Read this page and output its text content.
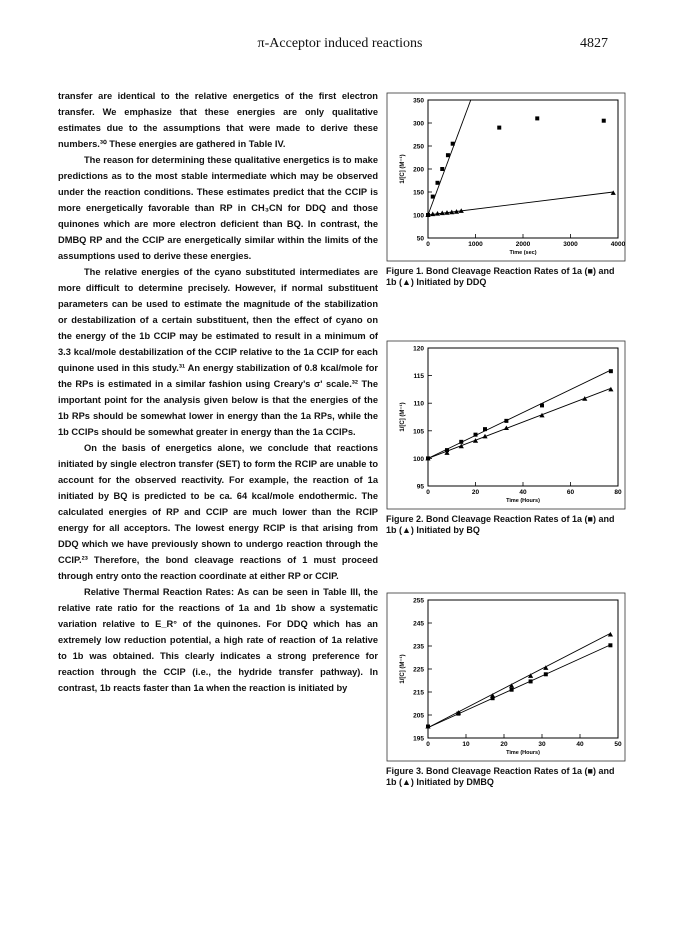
π-Acceptor induced reactions	4827

transfer are identical to the relative energetics of the first electron transfer. We emphasize that these energies are only qualitative estimates due to the assumptions that were made to derive these numbers.³⁰ These energies are gathered in Table IV.

The reason for determining these qualitative energetics is to make predictions as to the most stable intermediate which may be observed under the reaction conditions. These estimates predict that the CCIP is more energetically favorable than RP in CH₃CN for DDQ and those quinones which are more electron deficient than BQ. In contrast, the DMBQ RP and the CCIP are energetically similar within the limits of the assumptions used to derive these energies.

The relative energies of the cyano substituted intermediates are more difficult to determine precisely. However, if normal substituent parameters can be used to estimate the magnitude of the stabilization or destabilization of a certain substituent, then the effect of cyano on the energy of the 1b CCIP may be estimated to result in a minimum of 3.3 kcal/mole destabilization of the CCIP relative to the 1a CCIP for each quinone used in this study.³¹ An energy stabilization of 0.8 kcal/mole for the RPs is estimated in a similar fashion using Creary's σ' scale.³² The important point for the analysis given below is that the energies of the 1b RPs should be somewhat lower in energy than the 1a RPs, while the 1b CCIPs should be somewhat greater in energy than the 1a CCIPs.

On the basis of energetics alone, we conclude that reactions initiated by single electron transfer (SET) to form the RCIP are unable to account for the observed reactivity. For example, the reaction of 1a initiated by BQ is predicted to be ca. 64 kcal/mole endothermic. The calculated energies of RP and CCIP are much lower than the RCIP energy for all acceptors. The lowest energy RCIP is that arising from DDQ which we have previously shown to undergo reaction through the CCIP.²³ Therefore, the bond cleavage reactions of 1 must proceed through entry onto the reaction coordinate at either RP or CCIP.

Relative Thermal Reaction Rates: As can be seen in Table III, the relative rate ratio for the reactions of 1a and 1b show a systematic variation relative to E_R° of the quinones. For DDQ which has an extremely low reduction potential, a high rate of reaction of 1a relative to 1b was obtained. This clearly indicates a strong preference for reaction through the CCIP (i.e., the hydride transfer pathway). In contrast, 1b reacts faster than 1a when the reaction is initiated by

50
100
150
200
250
300
350
0	1000	2000	3000	4000
Time (sec)
1/[C] (M⁻¹)
Figure 1. Bond Cleavage Reaction Rates of 1a (■) and 1b (▲) Initiated by DDQ
95
100
105
110
115
120
0	20	40	60	80
Time (Hours)
1/[C] (M⁻¹)
Figure 2. Bond Cleavage Reaction Rates of 1a (■) and 1b (▲) Initiated by BQ
195
205
215
225
235
245
255
0	10	20	30	40	50
Time (Hours)
1/[C] (M⁻¹)
Figure 3. Bond Cleavage Reaction Rates of 1a (■) and 1b (▲) Initiated by DMBQ
